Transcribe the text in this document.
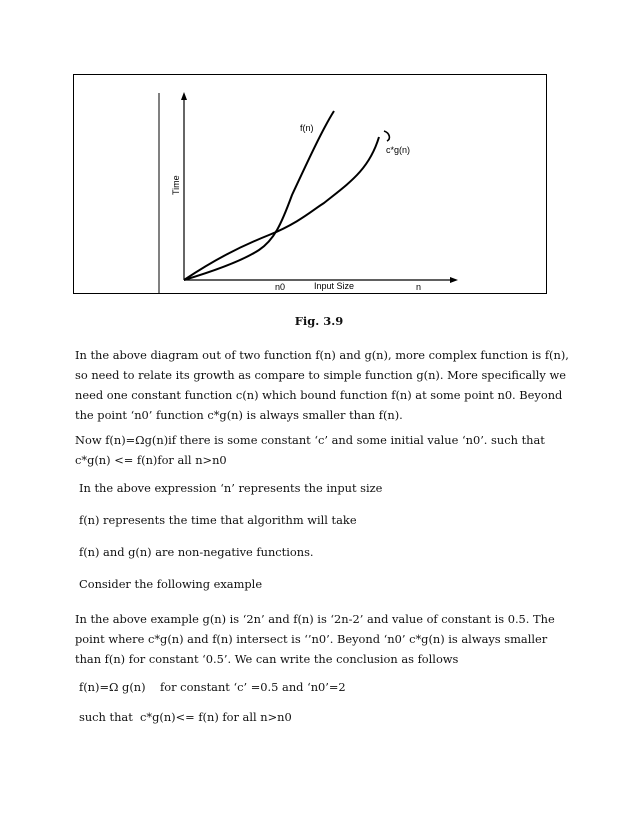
f(n)
c*g(n)
Time
Input Size
n0	n
Fig. 3.9

In the above diagram out of two function f(n) and g(n), more complex function is f(n), so need to relate its growth as compare to simple function g(n). More specifically we need one constant function c(n) which bound function f(n) at some point n0. Beyond the point ‘n0’ function c*g(n) is always smaller than f(n).

Now f(n)=Ωg(n)if there is some constant ‘c’ and some initial value ‘n0’. such that c*g(n) <= f(n)for all n>n0

In the above expression ‘n’ represents the input size

f(n) represents the time that algorithm will take

f(n) and g(n) are non-negative functions.

Consider the following example

In the above example g(n) is ‘2n’ and f(n) is ‘2n-2’ and value of constant is 0.5. The point where c*g(n) and f(n) intersect is ‘’n0’. Beyond ‘n0’ c*g(n) is always smaller than f(n) for constant ‘0.5’. We can write the conclusion as follows

f(n)=Ω g(n)    for constant ‘c’ =0.5 and ‘n0’=2

such that  c*g(n)<= f(n) for all n>n0
